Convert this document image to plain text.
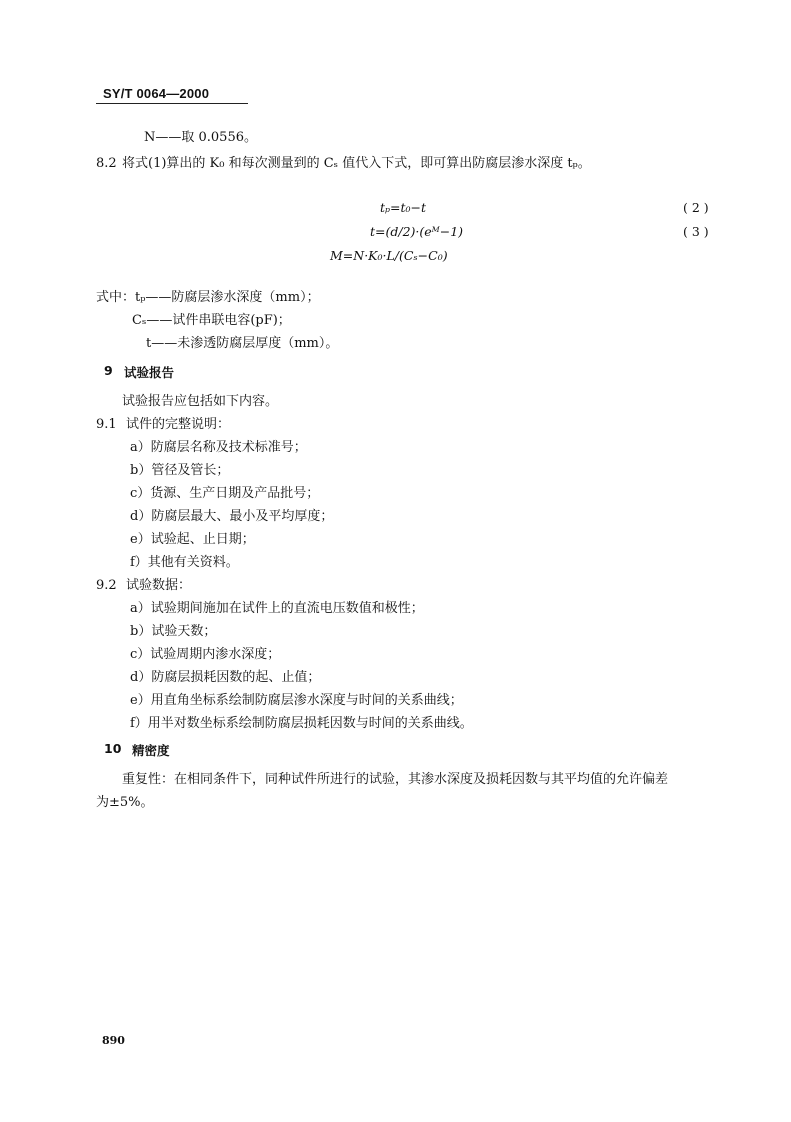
SY/T 0064—2000
N——取 0.0556。
8.2 将式(1)算出的 K₀ 和每次测量到的 Cₛ 值代入下式，即可算出防腐层渗水深度 tₚ。
tₚ=t₀−t	( 2 )
t=(d/2)·(eᴹ−1)	( 3 )
M=N·K₀·L/(Cₛ−C₀)
式中：tₚ——防腐层渗水深度（mm）；
Cₛ——试件串联电容(pF)；
t——未渗透防腐层厚度（mm）。
9 试验报告
试验报告应包括如下内容。
9.1 试件的完整说明：
a）防腐层名称及技术标准号；
b）管径及管长；
c）货源、生产日期及产品批号；
d）防腐层最大、最小及平均厚度；
e）试验起、止日期；
f）其他有关资料。
9.2 试验数据：
a）试验期间施加在试件上的直流电压数值和极性；
b）试验天数；
c）试验周期内渗水深度；
d）防腐层损耗因数的起、止值；
e）用直角坐标系绘制防腐层渗水深度与时间的关系曲线；
f）用半对数坐标系绘制防腐层损耗因数与时间的关系曲线。
10 精密度
重复性：在相同条件下，同种试件所进行的试验，其渗水深度及损耗因数与其平均值的允许偏差
为±5%。
890
